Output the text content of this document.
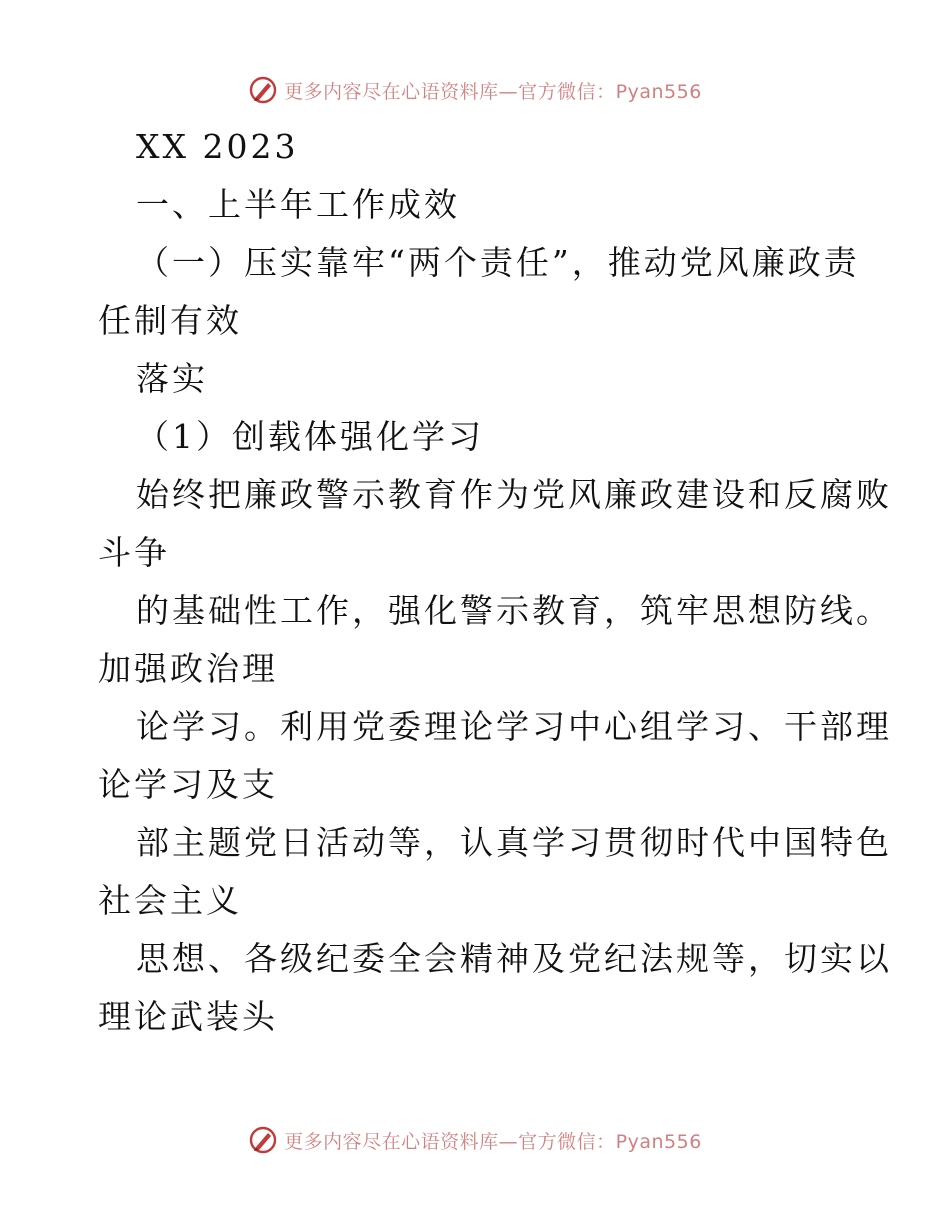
更多内容尽在心语资料库—官方微信：Pyan556
XX 2023
一、上半年工作成效
（一）压实靠牢“两个责任”，推动党风廉政责
任制有效
落实
（1）创载体强化学习
始终把廉政警示教育作为党风廉政建设和反腐败
斗争
的基础性工作，强化警示教育，筑牢思想防线。
加强政治理
论学习。利用党委理论学习中心组学习、干部理
论学习及支
部主题党日活动等，认真学习贯彻时代中国特色
社会主义
思想、各级纪委全会精神及党纪法规等，切实以
理论武装头
更多内容尽在心语资料库—官方微信：Pyan556
